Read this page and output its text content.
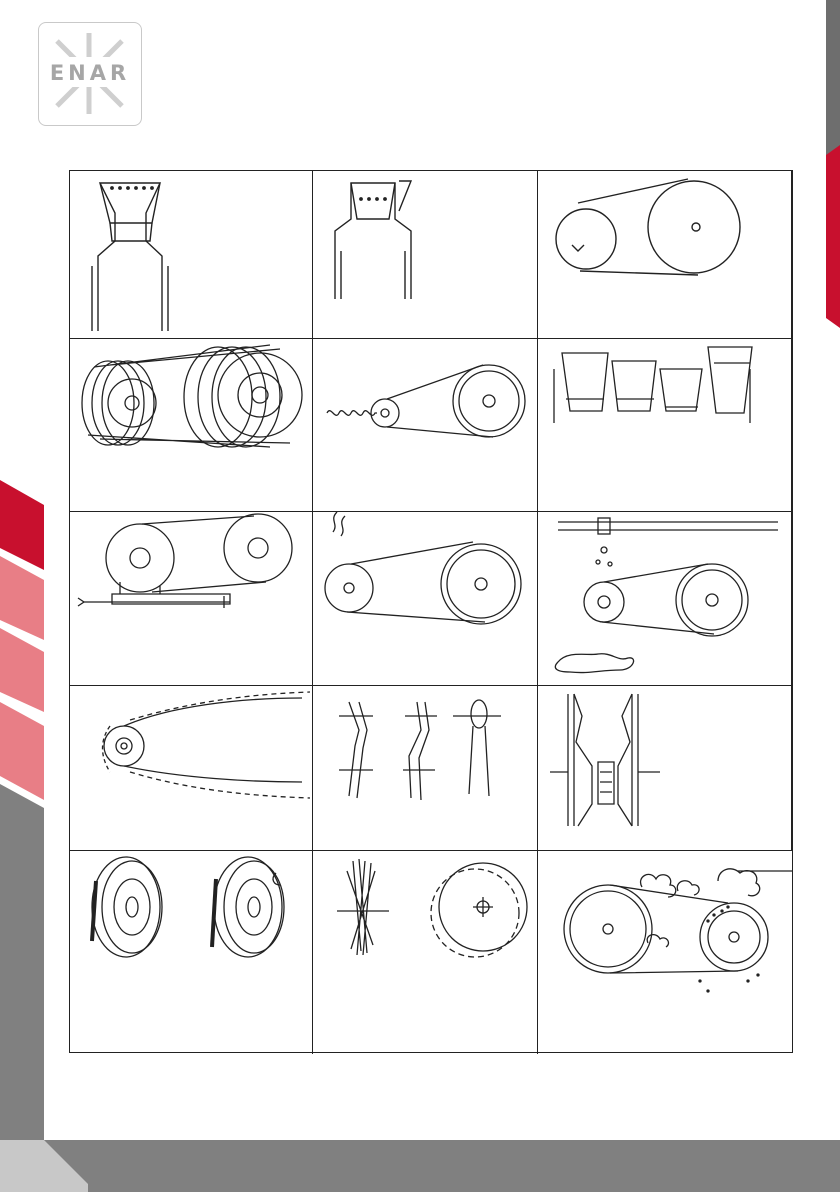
ENAR
